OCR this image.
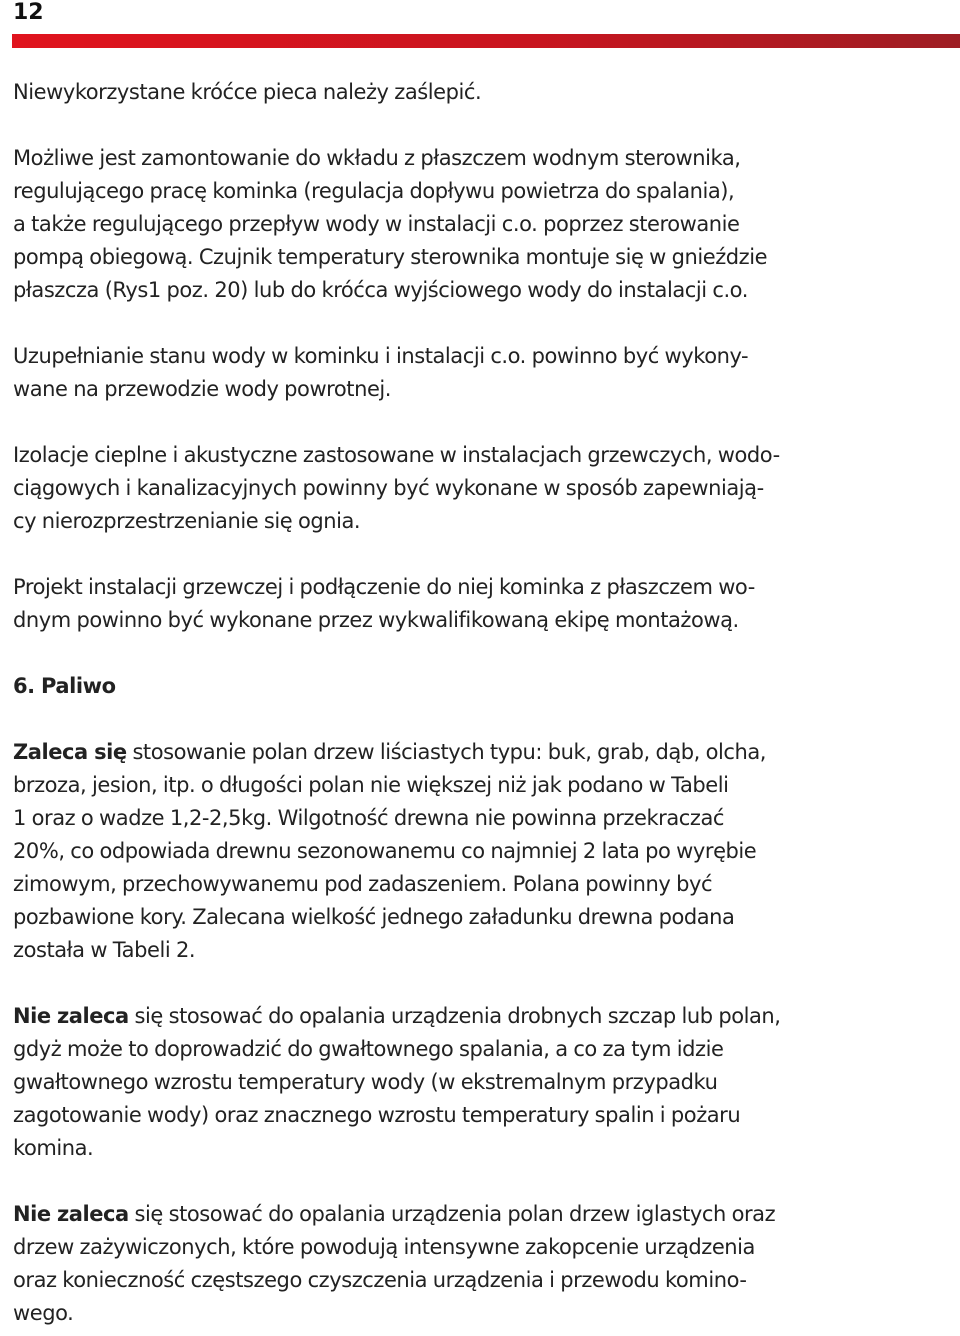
12

Niewykorzystane króćce pieca należy zaślepić.

Możliwe jest zamontowanie do wkładu z płaszczem wodnym sterownika,
regulującego pracę kominka (regulacja dopływu powietrza do spalania),
a także regulującego przepływ wody w instalacji c.o. poprzez sterowanie
pompą obiegową. Czujnik temperatury sterownika montuje się w gnieździe
płaszcza (Rys1 poz. 20) lub do króćca wyjściowego wody do instalacji c.o.

Uzupełnianie stanu wody w kominku i instalacji c.o. powinno być wykony-
wane na przewodzie wody powrotnej.

Izolacje cieplne i akustyczne zastosowane w instalacjach grzewczych, wodo-
ciągowych i kanalizacyjnych powinny być wykonane w sposób zapewniają-
cy nierozprzestrzenianie się ognia.

Projekt instalacji grzewczej i podłączenie do niej kominka z płaszczem wo-
dnym powinno być wykonane przez wykwalifikowaną ekipę montażową.

6. Paliwo

Zaleca się stosowanie polan drzew liściastych typu: buk, grab, dąb, olcha,
brzoza, jesion, itp. o długości polan nie większej niż jak podano w Tabeli
1 oraz o wadze 1,2-2,5kg. Wilgotność drewna nie powinna przekraczać
20%, co odpowiada drewnu sezonowanemu co najmniej 2 lata po wyrębie
zimowym, przechowywanemu pod zadaszeniem. Polana powinny być
pozbawione kory. Zalecana wielkość jednego załadunku drewna podana
została w Tabeli 2.

Nie zaleca się stosować do opalania urządzenia drobnych szczap lub polan,
gdyż może to doprowadzić do gwałtownego spalania, a co za tym idzie
gwałtownego wzrostu temperatury wody (w ekstremalnym przypadku
zagotowanie wody) oraz znacznego wzrostu temperatury spalin i pożaru
komina.

Nie zaleca się stosować do opalania urządzenia polan drzew iglastych oraz
drzew zażywiczonych, które powodują intensywne zakopcenie urządzenia
oraz konieczność częstszego czyszczenia urządzenia i przewodu komino-
wego.
